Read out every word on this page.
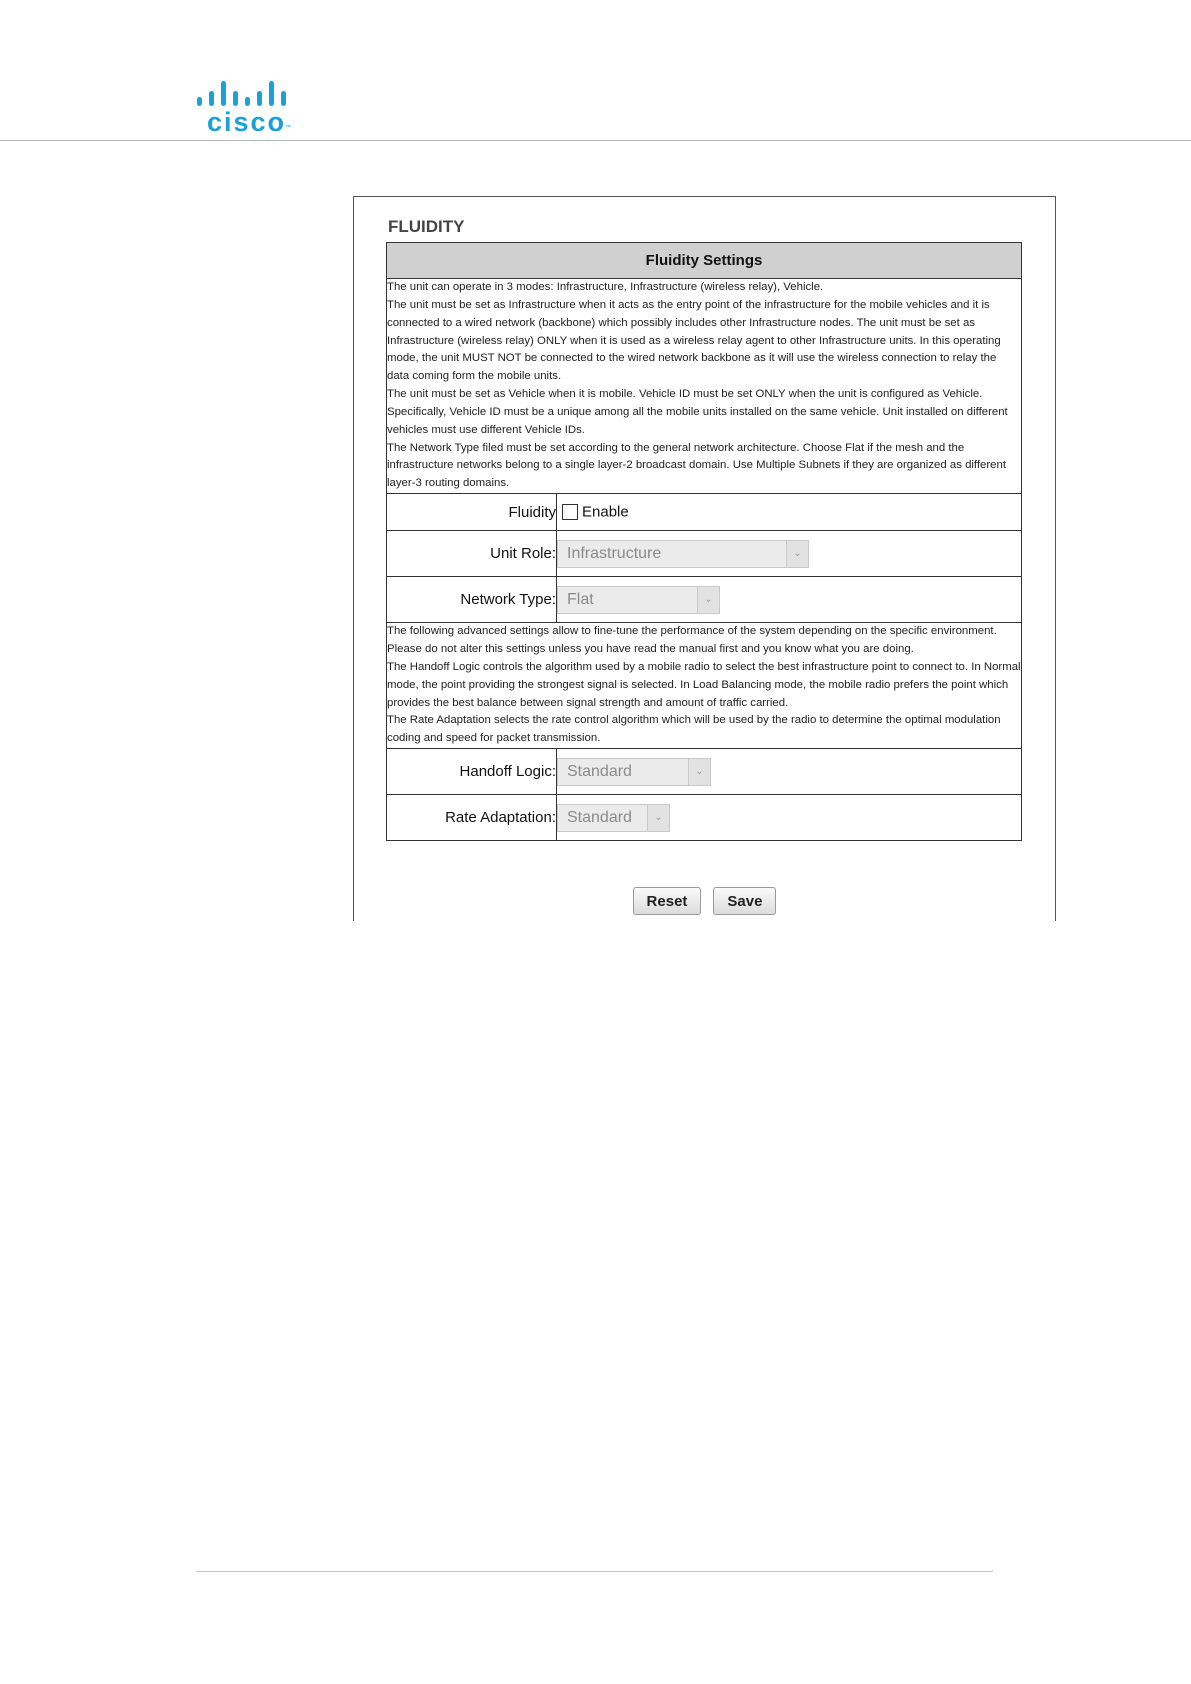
cisco
™
FLUIDITY
Fluidity Settings	

The unit can operate in 3 modes: Infrastructure, Infrastructure (wireless relay), Vehicle.

The unit must be set as Infrastructure when it acts as the entry point of the infrastructure for the mobile vehicles and it is connected to a wired network (backbone) which possibly includes other Infrastructure nodes. The unit must be set as Infrastructure (wireless relay) ONLY when it is used as a wireless relay agent to other Infrastructure units. In this operating mode, the unit MUST NOT be connected to the wired network backbone as it will use the wireless connection to relay the data coming form the mobile units.

The unit must be set as Vehicle when it is mobile. Vehicle ID must be set ONLY when the unit is configured as Vehicle. Specifically, Vehicle ID must be a unique among all the mobile units installed on the same vehicle. Unit installed on different vehicles must use different Vehicle IDs.

The Network Type filed must be set according to the general network architecture. Choose Flat if the mesh and the infrastructure networks belong to a single layer-2 broadcast domain. Use Multiple Subnets if they are organized as different layer-3 routing domains.	

Fluidity	Enable
Unit Role:	Infrastructure ⌄

Network Type:	Flat ⌄

The following advanced settings allow to fine-tune the performance of the system depending on the specific environment. Please do not alter this settings unless you have read the manual first and you know what you are doing.

The Handoff Logic controls the algorithm used by a mobile radio to select the best infrastructure point to connect to. In Normal mode, the point providing the strongest signal is selected. In Load Balancing mode, the mobile radio prefers the point which provides the best balance between signal strength and amount of traffic carried.

The Rate Adaptation selects the rate control algorithm which will be used by the radio to determine the optimal modulation coding and speed for packet transmission.	

Handoff Logic:	Standard ⌄

Rate Adaptation:	Standard ⌄
Reset	Save
